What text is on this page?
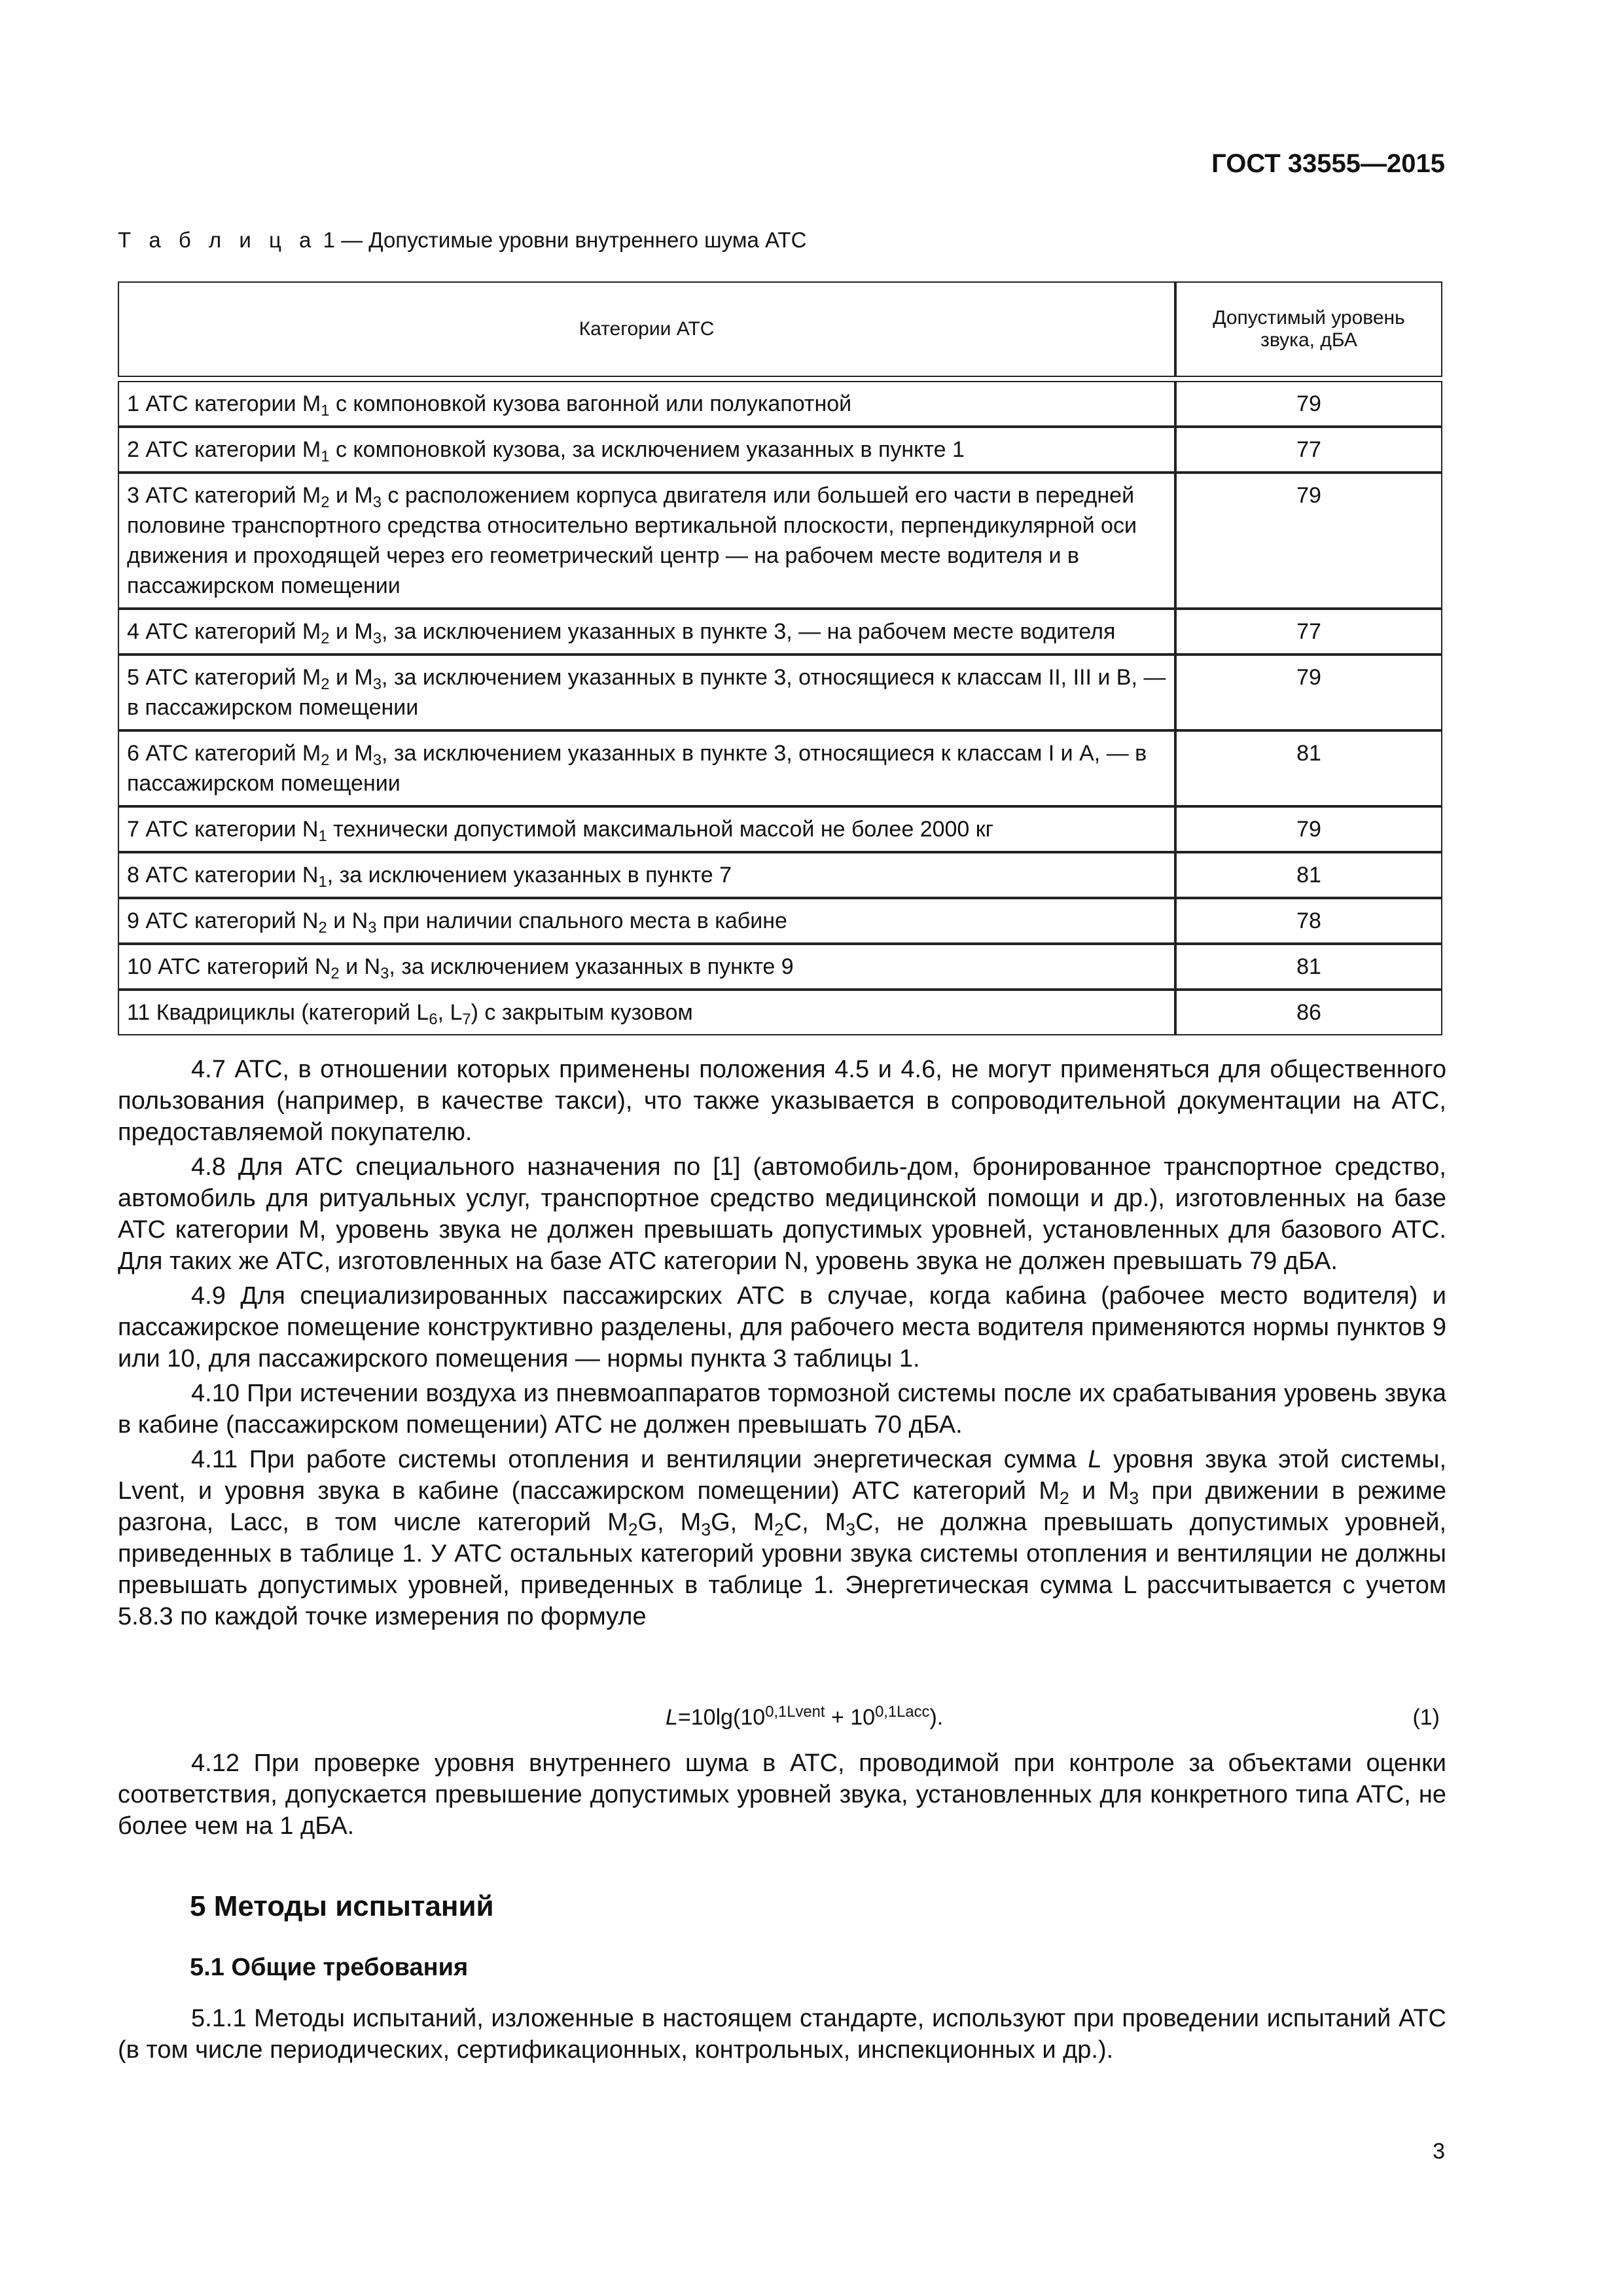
ГОСТ 33555—2015
Т а б л и ц а 1 — Допустимые уровни внутреннего шума АТС
Категории АТС	Допустимый уровень звука, дБА

1 АТС категории $М_1$ с компоновкой кузова вагонной или полукапотной	79
2 АТС категории $М_1$ с компоновкой кузова, за исключением указанных в пункте 1	77
3 АТС категорий $М_2$ и $М_3$ с расположением корпуса двигателя или большей его части в передней половине транспортного средства относительно вертикальной плоскости, перпендикулярной оси движения и проходящей через его геометрический центр — на рабочем месте водителя и в пассажирском помещении	79
4 АТС категорий $М_2$ и $М_3$, за исключением указанных в пункте 3, — на рабочем месте водителя	77
5 АТС категорий $М_2$ и $М_3$, за исключением указанных в пункте 3, относящиеся к классам II, III и В, — в пассажирском помещении	79
6 АТС категорий $М_2$ и $М_3$, за исключением указанных в пункте 3, относящиеся к классам I и А, — в пассажирском помещении	81
7 АТС категории $N_1$ технически допустимой максимальной массой не более 2000 кг	79
8 АТС категории $N_1$, за исключением указанных в пункте 7	81
9 АТС категорий $N_2$ и $N_3$ при наличии спального места в кабине	78
10 АТС категорий $N_2$ и $N_3$, за исключением указанных в пункте 9	81
11 Квадрициклы (категорий $L_6$, $L_7$) с закрытым кузовом	86

4.7 АТС, в отношении которых применены положения 4.5 и 4.6, не могут применяться для общественного пользования (например, в качестве такси), что также указывается в сопроводительной документации на АТС, предоставляемой покупателю.

4.8 Для АТС специального назначения по [1] (автомобиль-дом, бронированное транспортное средство, автомобиль для ритуальных услуг, транспортное средство медицинской помощи и др.), изготовленных на базе АТС категории М, уровень звука не должен превышать допустимых уровней, установленных для базового АТС. Для таких же АТС, изготовленных на базе АТС категории N, уровень звука не должен превышать 79 дБА.

4.9 Для специализированных пассажирских АТС в случае, когда кабина (рабочее место водителя) и пассажирское помещение конструктивно разделены, для рабочего места водителя применяются нормы пунктов 9 или 10, для пассажирского помещения — нормы пункта 3 таблицы 1.

4.10 При истечении воздуха из пневмоаппаратов тормозной системы после их срабатывания уровень звука в кабине (пассажирском помещении) АТС не должен превышать 70 дБА.

4.11 При работе системы отопления и вентиляции энергетическая сумма L уровня звука этой системы, Lvent, и уровня звука в кабине (пассажирском помещении) АТС категорий $М_2$ и $М_3$ при движении в режиме разгона, Lacc, в том числе категорий $М_2G$, $М_3G$, $М_2С$, $М_3С$, не должна превышать допустимых уровней, приведенных в таблице 1. У АТС остальных категорий уровни звука системы отопления и вентиляции не должны превышать допустимых уровней, приведенных в таблице 1. Энергетическая сумма L рассчитывается с учетом 5.8.3 по каждой точке измерения по формуле

$L=10\lg(10^{0,1Lvent} + 10^{0,1Lacc})$.	(1)

4.12 При проверке уровня внутреннего шума в АТС, проводимой при контроле за объектами оценки соответствия, допускается превышение допустимых уровней звука, установленных для конкретного типа АТС, не более чем на 1 дБА.

5 Методы испытаний
5.1 Общие требования

5.1.1 Методы испытаний, изложенные в настоящем стандарте, используют при проведении испытаний АТС (в том числе периодических, сертификационных, контрольных, инспекционных и др.).

3
